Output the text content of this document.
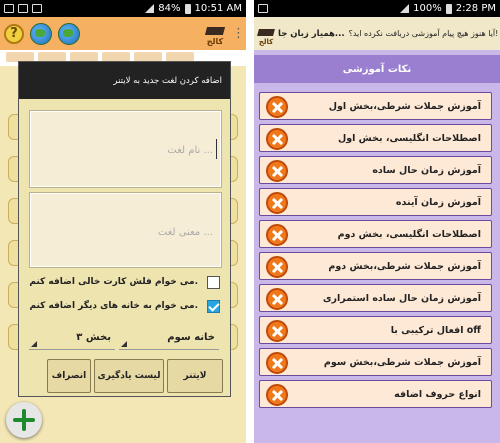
84% 10:51 AM
?	کالج ⋮
اضافه کردن لغت جدید به لایتنر
نام لغت ...
معنی لغت ...
می خوام فلش کارت خالی اضافه کنم.
می خوام به خانه های دیگر اضافه کنم.
خانه سوم
بخش ۳
لایتنر
لیست یادگیری
انصراف
100% 2:28 PM
کالج
همیار زبان جا... آیا هنوز هیچ پیام آموزشی دریافت نکرده اید؟!
نکات آموزشی
آموزش جملات شرطی،بخش اول
اصطلاحات انگلیسی، بخش اول
آموزش زمان حال ساده
آموزش زمان آینده
اصطلاحات انگلیسی، بخش دوم
آموزش جملات شرطی،بخش دوم
آموزش زمان حال ساده استمراری
افعال ترکیبی با off
آموزش جملات شرطی،بخش سوم
انواع حروف اضافه
